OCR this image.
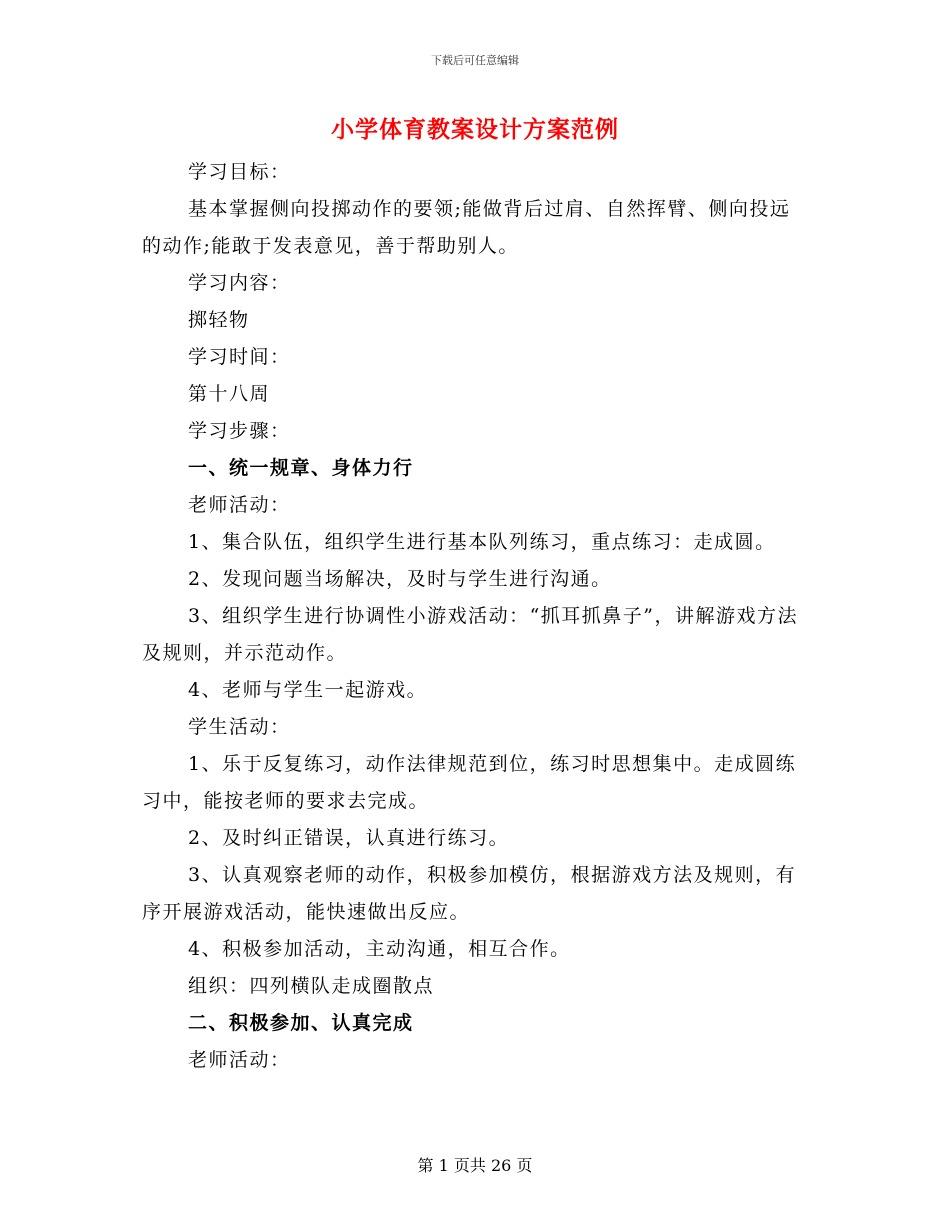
下载后可任意编辑
小学体育教案设计方案范例

学习目标：

基本掌握侧向投掷动作的要领;能做背后过肩、自然挥臂、侧向投远的动作;能敢于发表意见，善于帮助别人。

学习内容：

掷轻物

学习时间：

第十八周

学习步骤：

一、统一规章、身体力行

老师活动：

1、集合队伍，组织学生进行基本队列练习，重点练习：走成圆。

2、发现问题当场解决，及时与学生进行沟通。

3、组织学生进行协调性小游戏活动：“抓耳抓鼻子”，讲解游戏方法及规则，并示范动作。

4、老师与学生一起游戏。

学生活动：

1、乐于反复练习，动作法律规范到位，练习时思想集中。走成圆练习中，能按老师的要求去完成。

2、及时纠正错误，认真进行练习。

3、认真观察老师的动作，积极参加模仿，根据游戏方法及规则，有序开展游戏活动，能快速做出反应。

4、积极参加活动，主动沟通，相互合作。

组织：四列横队走成圈散点

二、积极参加、认真完成

老师活动：

第 1 页共 26 页
